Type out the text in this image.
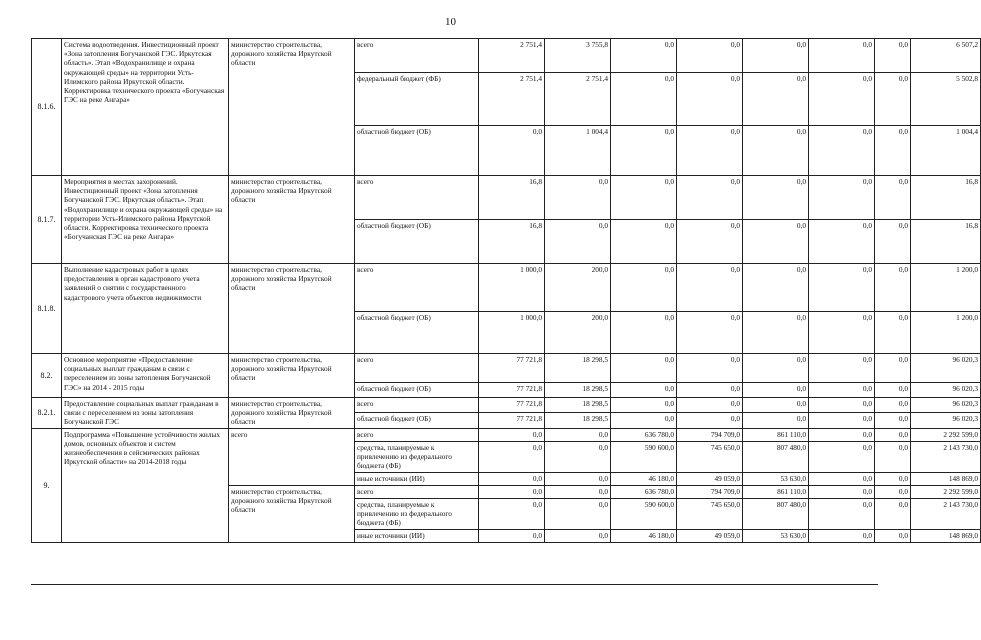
10
8.1.6.	Система водоотведения. Инвестиционный проект «Зона затопления Богучанской ГЭС. Иркутская область». Этап «Водохранилище и охрана окружающей среды» на территории Усть-Илимского района Иркутской области. Корректировка технического проекта «Богучанская ГЭС на реке Ангара»	министерство строительства, дорожного хозяйства Иркутской области	всего	2 751,4	3 755,8	0,0	0,0	0,0	0,0	0,0	6 507,2
			федеральный бюджет (ФБ)	2 751,4	2 751,4	0,0	0,0	0,0	0,0	0,0	5 502,8
			областной бюджет (ОБ)	0,0	1 004,4	0,0	0,0	0,0	0,0	0,0	1 004,4
8.1.7.	Мероприятия в местах захоронений. Инвестиционный проект «Зона затопления Богучанской ГЭС. Иркутская область». Этап «Водохранилище и охрана окружающей среды» на территории Усть-Илимского района Иркутской области. Корректировка технического проекта «Богучанская ГЭС на реке Ангара»	министерство строительства, дорожного хозяйства Иркутской области	всего	16,8	0,0	0,0	0,0	0,0	0,0	0,0	16,8
			областной бюджет (ОБ)	16,8	0,0	0,0	0,0	0,0	0,0	0,0	16,8
8.1.8.	Выполнение кадастровых работ в целях предоставления в орган кадастрового учета заявлений о снятии с государственного кадастрового учета объектов недвижимости	министерство строительства, дорожного хозяйства Иркутской области	всего	1 000,0	200,0	0,0	0,0	0,0	0,0	0,0	1 200,0
			областной бюджет (ОБ)	1 000,0	200,0	0,0	0,0	0,0	0,0	0,0	1 200,0
8.2.	Основное мероприятие «Предоставление социальных выплат гражданам в связи с переселением из зоны затопления Богучанской ГЭС» на 2014 - 2015 годы	министерство строительства, дорожного хозяйства Иркутской области	всего	77 721,8	18 298,5	0,0	0,0	0,0	0,0	0,0	96 020,3
			областной бюджет (ОБ)	77 721,8	18 298,5	0,0	0,0	0,0	0,0	0,0	96 020,3
8.2.1.	Предоставление социальных выплат гражданам в связи с переселением из зоны затопления Богучанской ГЭС	министерство строительства, дорожного хозяйства Иркутской области	всего	77 721,8	18 298,5	0,0	0,0	0,0	0,0	0,0	96 020,3
			областной бюджет (ОБ)	77 721,8	18 298,5	0,0	0,0	0,0	0,0	0,0	96 020,3
9.	Подпрограмма «Повышение устойчивости жилых домов, основных объектов и систем жизнеобеспечения в сейсмических районах Иркутской области» на 2014-2018 годы	всего	всего	0,0	0,0	636 780,0	794 709,0	861 110,0	0,0	0,0	2 292 599,0
			средства, планируемые к привлечению из федерального бюджета (ФБ)	0,0	0,0	590 600,0	745 650,0	807 480,0	0,0	0,0	2 143 730,0
			иные источники (ИИ)	0,0	0,0	46 180,0	49 059,0	53 630,0	0,0	0,0	148 869,0
		министерство строительства, дорожного хозяйства Иркутской области	всего	0,0	0,0	636 780,0	794 709,0	861 110,0	0,0	0,0	2 292 599,0
			средства, планируемые к привлечению из федерального бюджета (ФБ)	0,0	0,0	590 600,0	745 650,0	807 480,0	0,0	0,0	2 143 730,0
			иные источники (ИИ)	0,0	0,0	46 180,0	49 059,0	53 630,0	0,0	0,0	148 869,0
